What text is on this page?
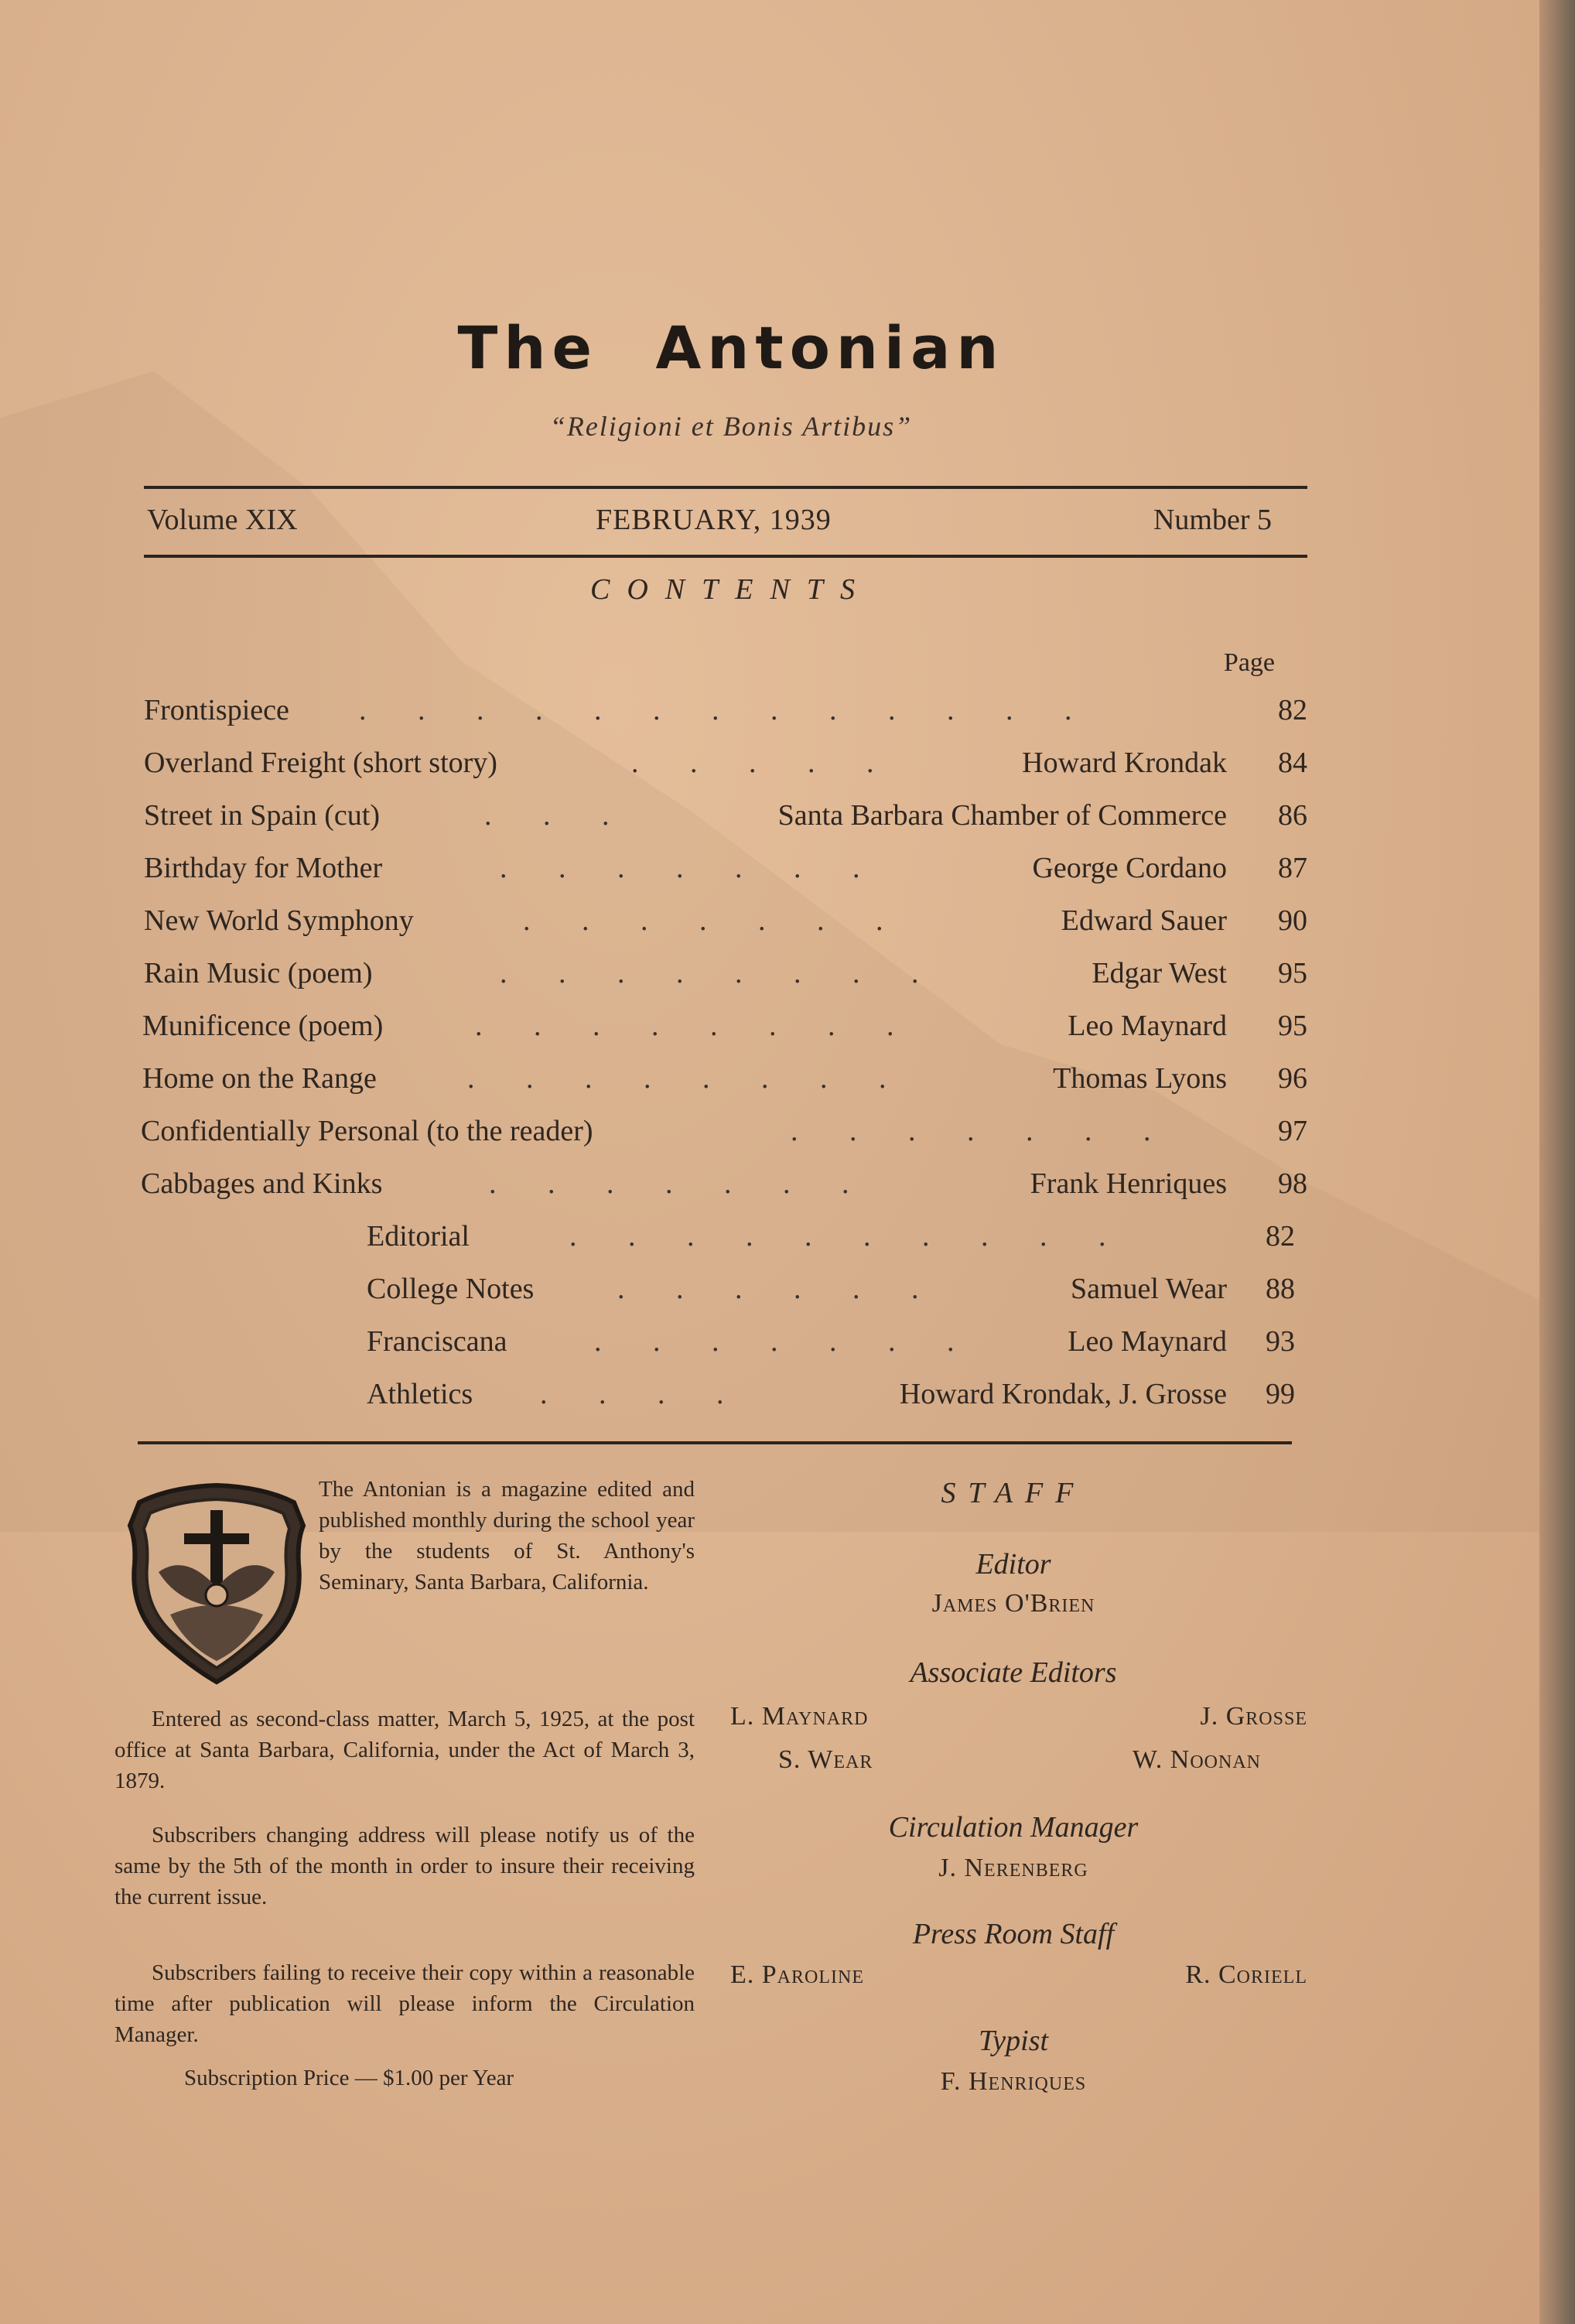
The Antonian
“Religioni et Bonis Artibus”
Volume XIX	FEBRUARY, 1939	Number 5
CONTENTS
Page
Frontispiece .       .       .       .       .       .       .       .       .       .       .       .       .	82
Overland Freight (short story)	.       .       .       .       .	Howard Krondak	84
Street in Spain (cut)	.       .       .	Santa Barbara Chamber of Commerce	86
Birthday for Mother	.       .       .       .       .       .       .	George Cordano	87
New World Symphony	.       .       .       .       .       .       .	Edward Sauer	90
Rain Music (poem)	.       .       .       .       .       .       .       .	Edgar West	95
Munificence (poem)	.       .       .       .       .       .       .       .	Leo Maynard	95
Home on the Range	.       .       .       .       .       .       .       .	Thomas Lyons	96
Confidentially Personal (to the reader)	.       .       .       .       .       .       .	97
Cabbages and Kinks	.       .       .       .       .       .       .	Frank Henriques	98
Editorial	.       .       .       .       .       .       .       .       .       .	82
College Notes	.       .       .       .       .       .	Samuel Wear	88
Franciscana	.       .       .       .       .       .       .	Leo Maynard	93
Athletics .       .       .       .	Howard Krondak, J. Grosse	99
The Antonian is a magazine edited and published monthly during the school year by the students of St. Anthony's Seminary, Santa Barbara, California.
Entered as second-class matter, March 5, 1925, at the post office at Santa Barbara, California, under the Act of March 3, 1879.
Subscribers changing address will please notify us of the same by the 5th of the month in order to insure their receiving the current issue.
Subscribers failing to receive their copy within a reasonable time after publication will please inform the Circulation Manager.
Subscription Price — $1.00 per Year
STAFF
Editor
James O'Brien
Associate Editors
L. Maynard	J. Grosse
S. Wear	W. Noonan
Circulation Manager
J. Nerenberg
Press Room Staff
E. Paroline	R. Coriell
Typist
F. Henriques
